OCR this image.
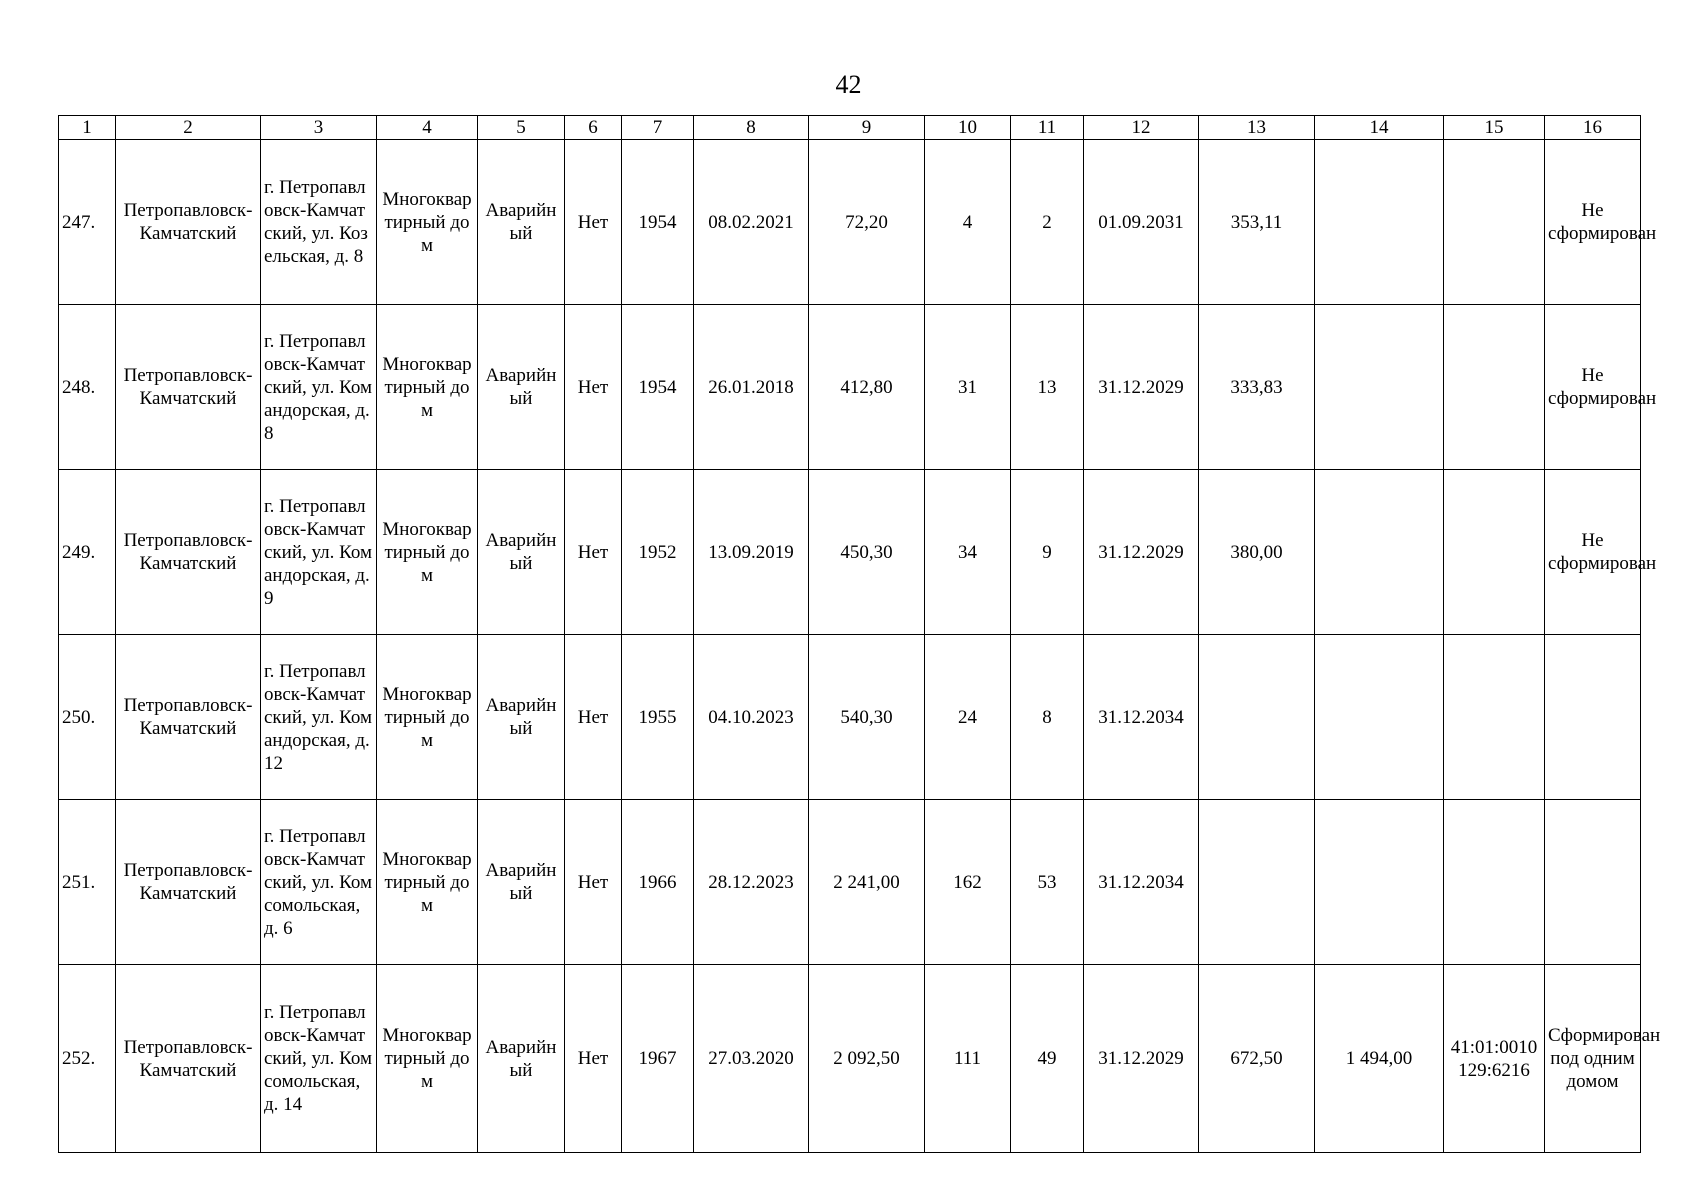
42
1	2	3	4	5	6	7	8	9	10	11	12	13	14	15	16
247.	Петропавловск-Камчатский	г. Петропавловск-Камчатский, ул. Козельская, д. 8	Многоквартирный дом	Аварийный	Нет	1954	08.02.2021	72,20	4	2	01.09.2031	353,11			Не сформирован
248.	Петропавловск-Камчатский	г. Петропавловск-Камчатский, ул. Командорская, д. 8	Многоквартирный дом	Аварийный	Нет	1954	26.01.2018	412,80	31	13	31.12.2029	333,83			Не сформирован
249.	Петропавловск-Камчатский	г. Петропавловск-Камчатский, ул. Командорская, д. 9	Многоквартирный дом	Аварийный	Нет	1952	13.09.2019	450,30	34	9	31.12.2029	380,00			Не сформирован
250.	Петропавловск-Камчатский	г. Петропавловск-Камчатский, ул. Командорская, д. 12	Многоквартирный дом	Аварийный	Нет	1955	04.10.2023	540,30	24	8	31.12.2034				
251.	Петропавловск-Камчатский	г. Петропавловск-Камчатский, ул. Комсомольская, д. 6	Многоквартирный дом	Аварийный	Нет	1966	28.12.2023	2 241,00	162	53	31.12.2034				
252.	Петропавловск-Камчатский	г. Петропавловск-Камчатский, ул. Комсомольская, д. 14	Многоквартирный дом	Аварийный	Нет	1967	27.03.2020	2 092,50	111	49	31.12.2029	672,50	1 494,00	41:01:0010129:6216	Сформирован под одним домом
